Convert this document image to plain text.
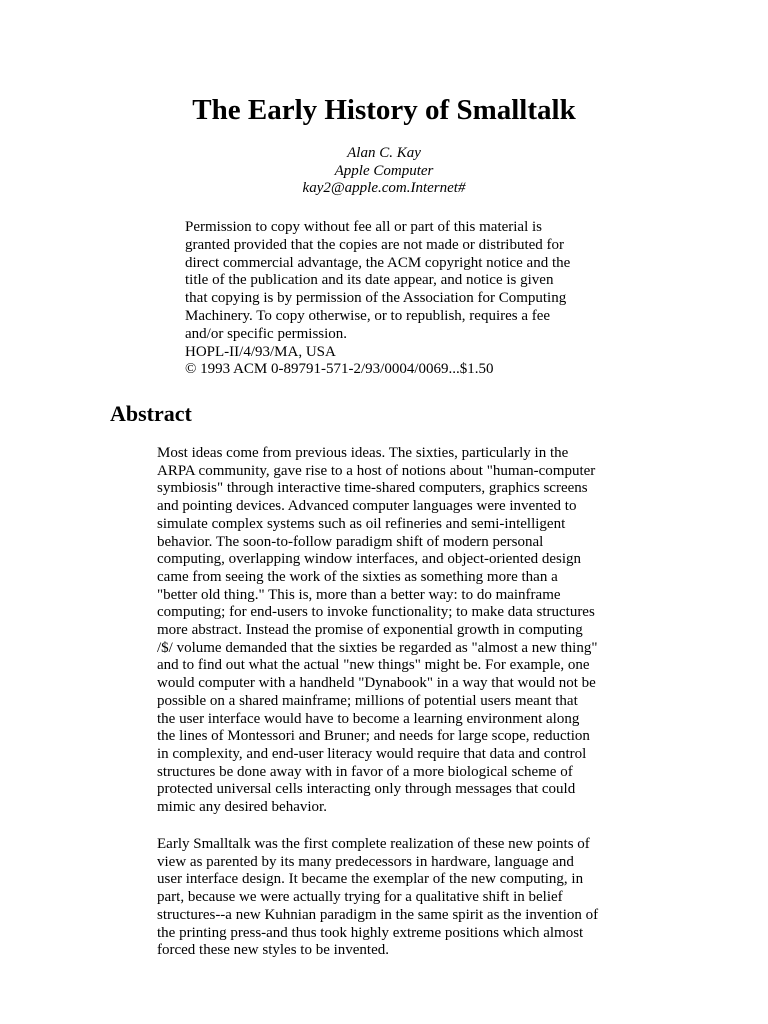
The Early History of Smalltalk
Alan C. Kay
Apple Computer
kay2@apple.com.Internet#
Permission to copy without fee all or part of this material is
granted provided that the copies are not made or distributed for
direct commercial advantage, the ACM copyright notice and the
title of the publication and its date appear, and notice is given
that copying is by permission of the Association for Computing
Machinery. To copy otherwise, or to republish, requires a fee
and/or specific permission.
HOPL-II/4/93/MA, USA
© 1993 ACM 0-89791-571-2/93/0004/0069...$1.50
Abstract
Most ideas come from previous ideas. The sixties, particularly in the
ARPA community, gave rise to a host of notions about "human-computer
symbiosis" through interactive time-shared computers, graphics screens
and pointing devices. Advanced computer languages were invented to
simulate complex systems such as oil refineries and semi-intelligent
behavior. The soon-to-follow paradigm shift of modern personal
computing, overlapping window interfaces, and object-oriented design
came from seeing the work of the sixties as something more than a
"better old thing." This is, more than a better way: to do mainframe
computing; for end-users to invoke functionality; to make data structures
more abstract. Instead the promise of exponential growth in computing
/$/ volume demanded that the sixties be regarded as "almost a new thing"
and to find out what the actual "new things" might be. For example, one
would computer with a handheld "Dynabook" in a way that would not be
possible on a shared mainframe; millions of potential users meant that
the user interface would have to become a learning environment along
the lines of Montessori and Bruner; and needs for large scope, reduction
in complexity, and end-user literacy would require that data and control
structures be done away with in favor of a more biological scheme of
protected universal cells interacting only through messages that could
mimic any desired behavior.
Early Smalltalk was the first complete realization of these new points of
view as parented by its many predecessors in hardware, language and
user interface design. It became the exemplar of the new computing, in
part, because we were actually trying for a qualitative shift in belief
structures--a new Kuhnian paradigm in the same spirit as the invention of
the printing press-and thus took highly extreme positions which almost
forced these new styles to be invented.
